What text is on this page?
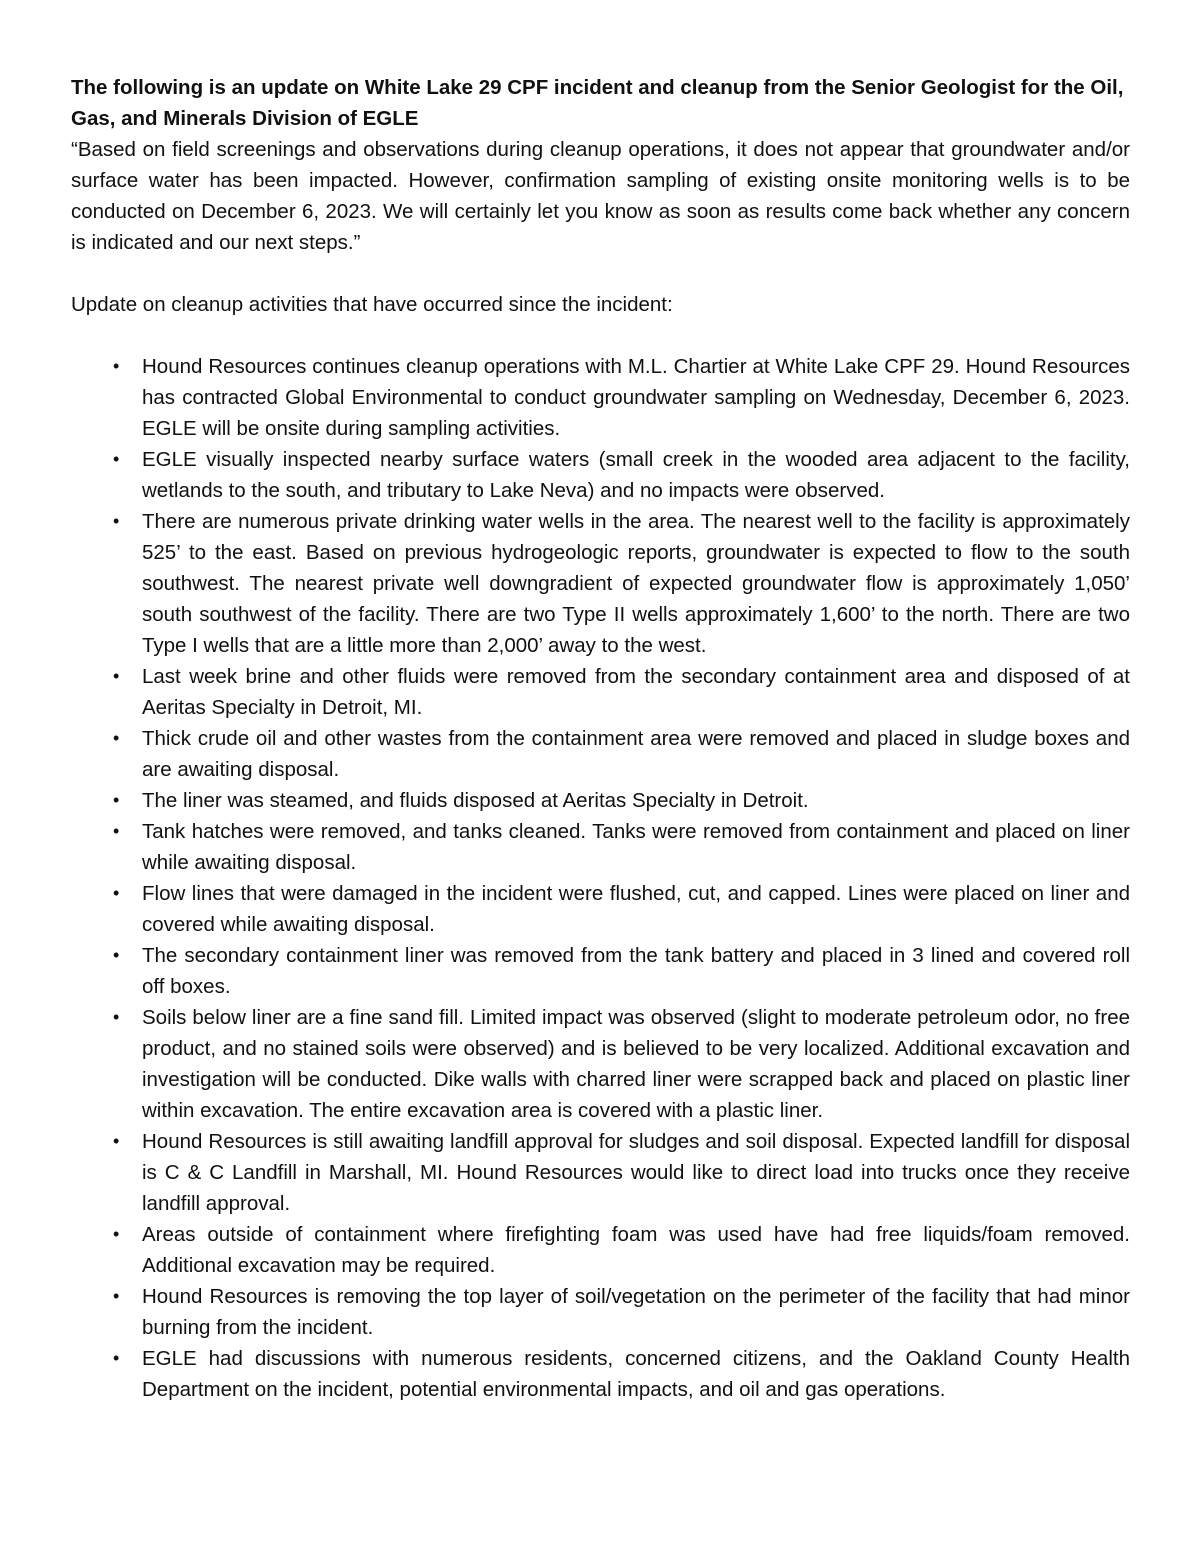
The following is an update on White Lake 29 CPF incident and cleanup from the Senior Geologist for the Oil, Gas, and Minerals Division of EGLE

“Based on field screenings and observations during cleanup operations, it does not appear that groundwater and/or surface water has been impacted. However, confirmation sampling of existing onsite monitoring wells is to be conducted on December 6, 2023. We will certainly let you know as soon as results come back whether any concern is indicated and our next steps.”

Update on cleanup activities that have occurred since the incident:

• Hound Resources continues cleanup operations with M.L. Chartier at White Lake CPF 29. Hound Resources has contracted Global Environmental to conduct groundwater sampling on Wednesday, December 6, 2023. EGLE will be onsite during sampling activities.
• EGLE visually inspected nearby surface waters (small creek in the wooded area adjacent to the facility, wetlands to the south, and tributary to Lake Neva) and no impacts were observed.
• There are numerous private drinking water wells in the area. The nearest well to the facility is approximately 525’ to the east. Based on previous hydrogeologic reports, groundwater is expected to flow to the south southwest. The nearest private well downgradient of expected groundwater flow is approximately 1,050’ south southwest of the facility. There are two Type II wells approximately 1,600’ to the north. There are two Type I wells that are a little more than 2,000’ away to the west.
• Last week brine and other fluids were removed from the secondary containment area and disposed of at Aeritas Specialty in Detroit, MI.
• Thick crude oil and other wastes from the containment area were removed and placed in sludge boxes and are awaiting disposal.
• The liner was steamed, and fluids disposed at Aeritas Specialty in Detroit.
• Tank hatches were removed, and tanks cleaned. Tanks were removed from containment and placed on liner while awaiting disposal.
• Flow lines that were damaged in the incident were flushed, cut, and capped. Lines were placed on liner and covered while awaiting disposal.
• The secondary containment liner was removed from the tank battery and placed in 3 lined and covered roll off boxes.
• Soils below liner are a fine sand fill. Limited impact was observed (slight to moderate petroleum odor, no free product, and no stained soils were observed) and is believed to be very localized. Additional excavation and investigation will be conducted. Dike walls with charred liner were scrapped back and placed on plastic liner within excavation. The entire excavation area is covered with a plastic liner.
• Hound Resources is still awaiting landfill approval for sludges and soil disposal. Expected landfill for disposal is C & C Landfill in Marshall, MI. Hound Resources would like to direct load into trucks once they receive landfill approval.
• Areas outside of containment where firefighting foam was used have had free liquids/foam removed. Additional excavation may be required.
• Hound Resources is removing the top layer of soil/vegetation on the perimeter of the facility that had minor burning from the incident.
• EGLE had discussions with numerous residents, concerned citizens, and the Oakland County Health Department on the incident, potential environmental impacts, and oil and gas operations.
